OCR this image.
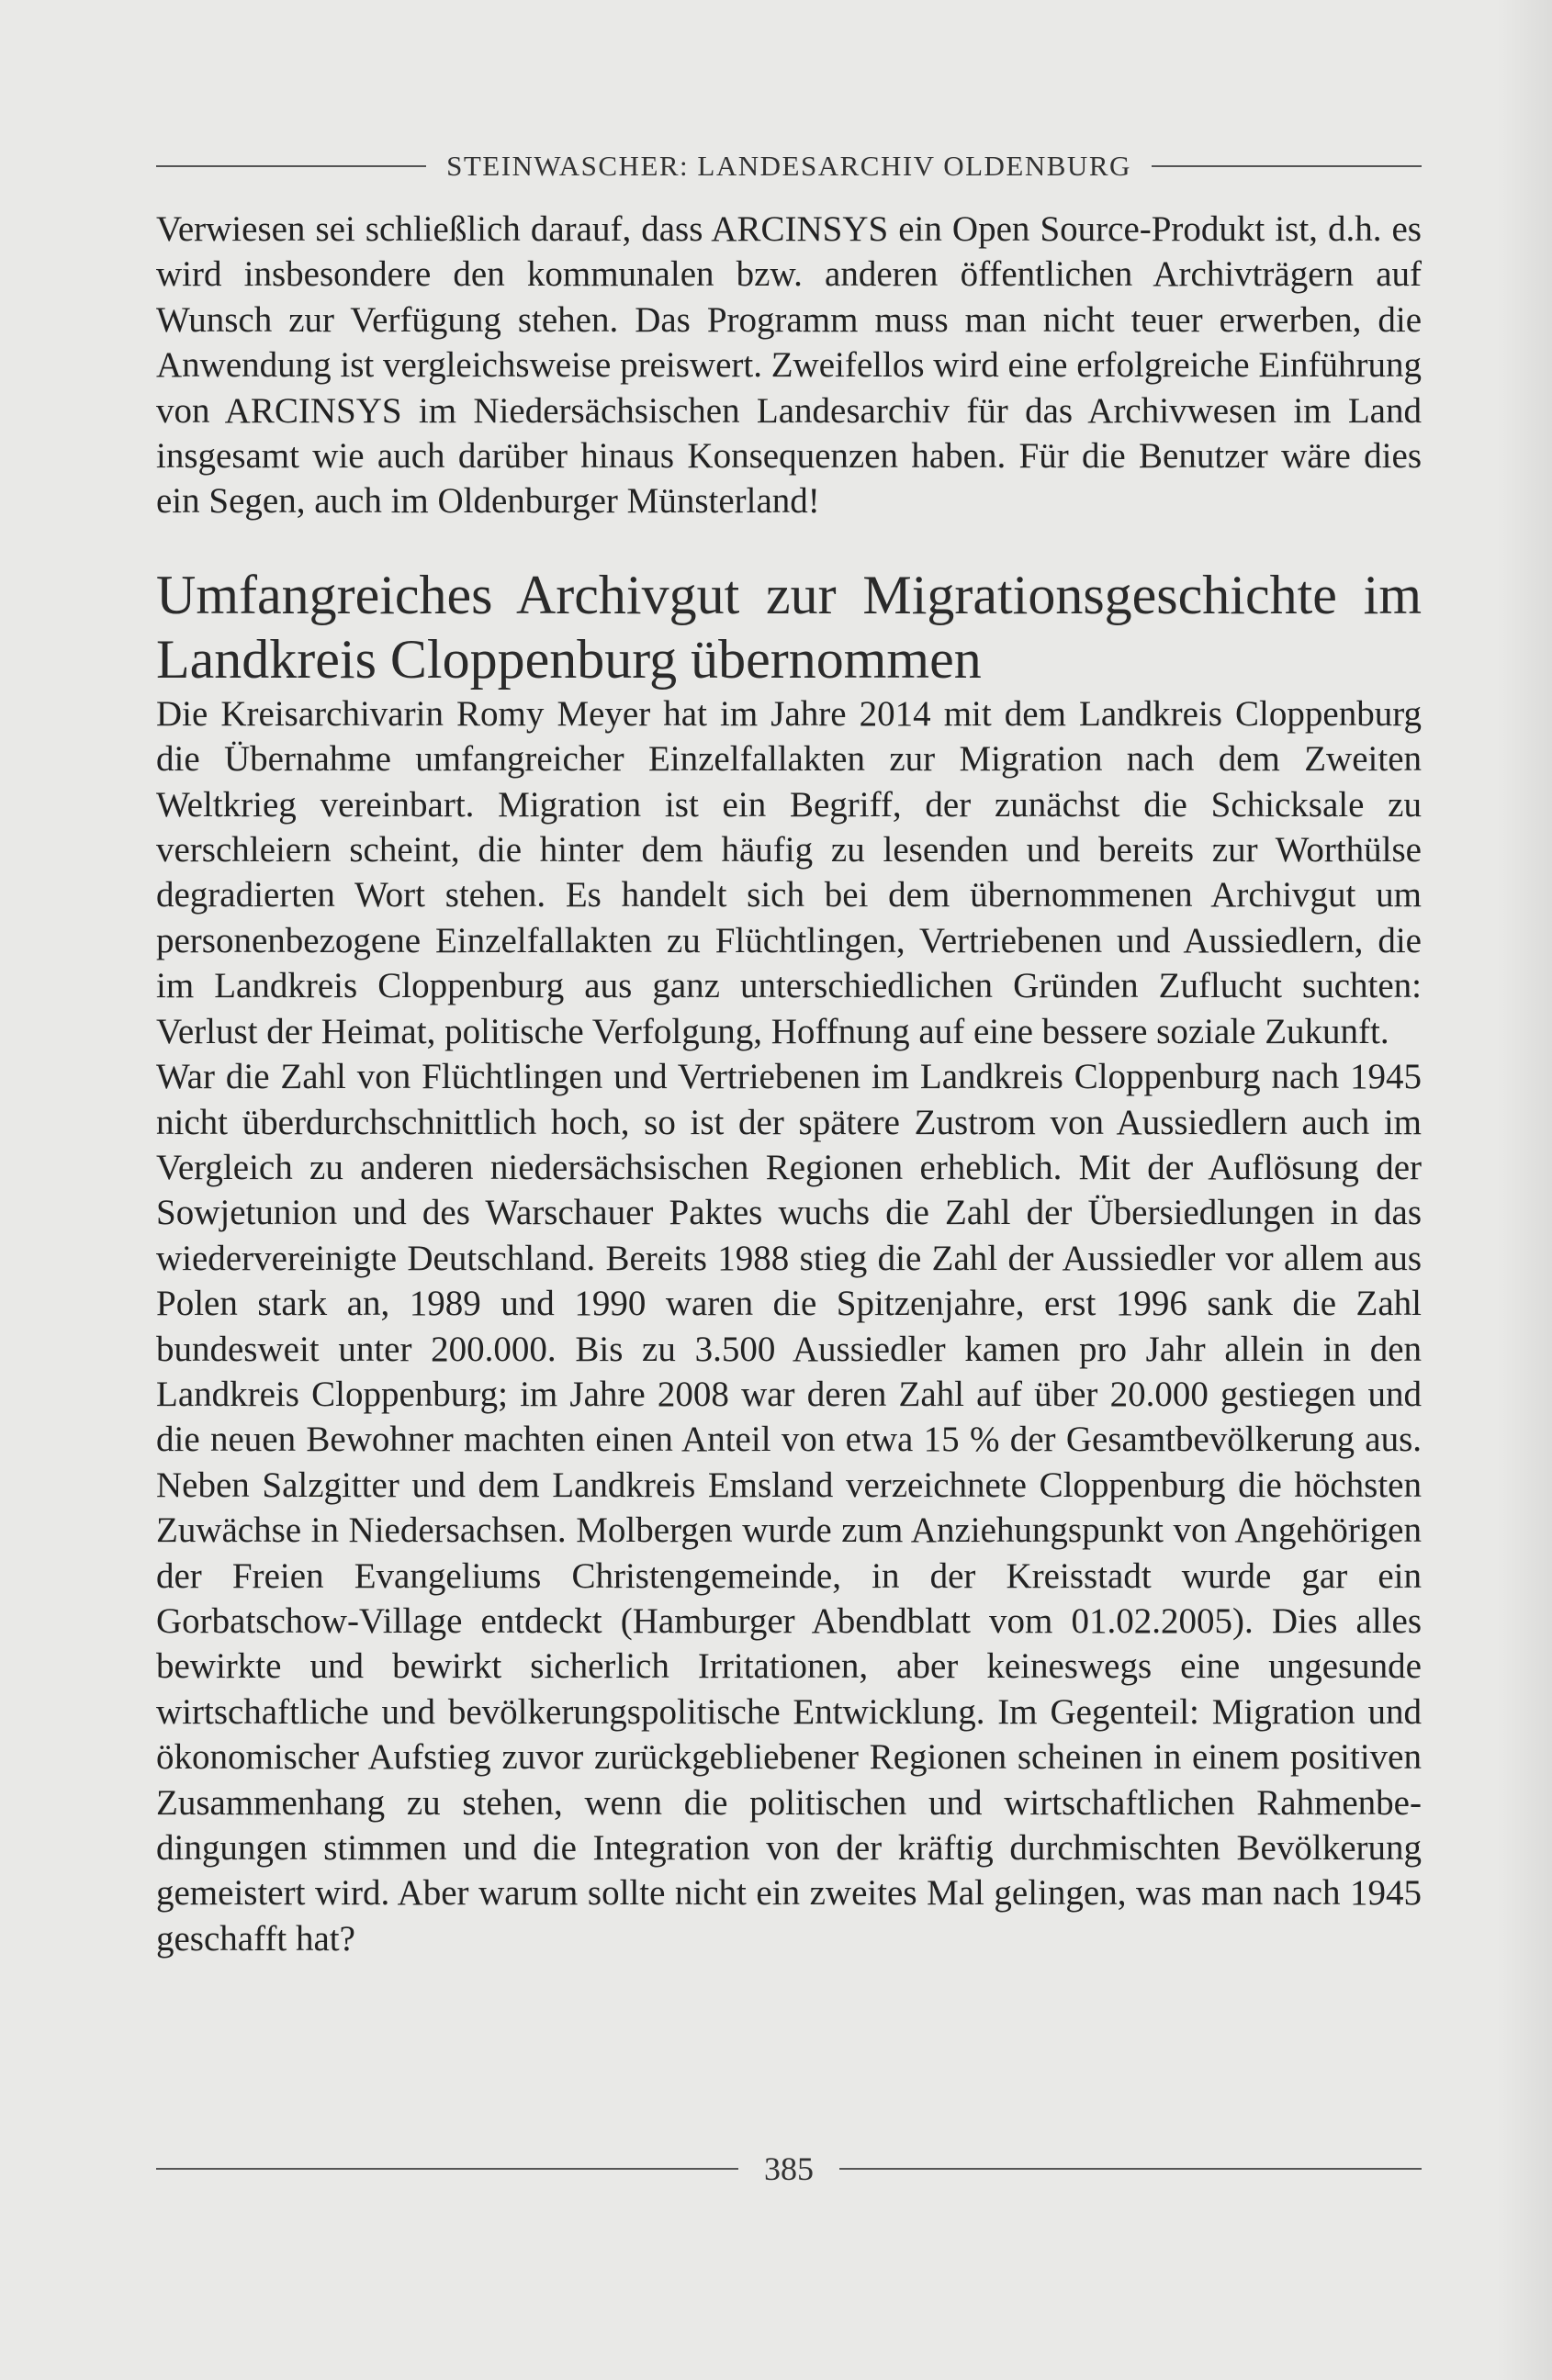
STEINWASCHER: LANDESARCHIV OLDENBURG

Verwiesen sei schließlich darauf, dass ARCINSYS ein Open Source-Produkt ist, d.h. es wird insbesondere den kommunalen bzw. anderen öffentlichen Archivträgern auf Wunsch zur Verfügung stehen. Das Programm muss man nicht teuer erwerben, die Anwendung ist vergleichsweise preiswert. Zweifellos wird eine erfolgreiche Einführung von ARCINSYS im Niedersächsischen Landesarchiv für das Archivwesen im Land insgesamt wie auch darüber hinaus Konsequenzen haben. Für die Benutzer wäre dies ein Segen, auch im Oldenburger Münsterland!

Umfangreiches Archivgut zur Migrationsgeschichte im Landkreis Cloppenburg übernommen

Die Kreisarchivarin Romy Meyer hat im Jahre 2014 mit dem Landkreis Cloppenburg die Übernahme umfangreicher Einzelfallakten zur Migration nach dem Zweiten Weltkrieg vereinbart. Migration ist ein Begriff, der zunächst die Schicksale zu verschleiern scheint, die hinter dem häufig zu lesenden und bereits zur Worthülse degradierten Wort stehen. Es handelt sich bei dem übernommenen Archivgut um personenbezogene Einzelfallakten zu Flüchtlingen, Vertriebenen und Aussiedlern, die im Landkreis Cloppenburg aus ganz unterschiedlichen Gründen Zuflucht suchten: Verlust der Heimat, politische Verfolgung, Hoffnung auf eine bessere soziale Zukunft.

War die Zahl von Flüchtlingen und Vertriebenen im Landkreis Cloppenburg nach 1945 nicht überdurchschnittlich hoch, so ist der spätere Zustrom von Aussiedlern auch im Vergleich zu anderen niedersächsischen Regionen erheblich. Mit der Auflösung der Sowjetunion und des Warschauer Paktes wuchs die Zahl der Übersiedlungen in das wiedervereinigte Deutschland. Bereits 1988 stieg die Zahl der Aussiedler vor allem aus Polen stark an, 1989 und 1990 waren die Spitzenjahre, erst 1996 sank die Zahl bundesweit unter 200.000. Bis zu 3.500 Aussiedler kamen pro Jahr allein in den Landkreis Cloppenburg; im Jahre 2008 war deren Zahl auf über 20.000 gestiegen und die neuen Bewohner machten einen Anteil von etwa 15 % der Gesamtbevölkerung aus. Neben Salzgitter und dem Landkreis Emsland verzeichnete Cloppenburg die höchsten Zuwächse in Niedersachsen. Molbergen wurde zum Anziehungspunkt von Angehörigen der Freien Evangeliums Christengemeinde, in der Kreisstadt wurde gar ein Gorbatschow-Village entdeckt (Hamburger Abendblatt vom 01.02.2005). Dies alles bewirkte und bewirkt sicherlich Irritationen, aber keineswegs eine ungesunde wirtschaftliche und bevölkerungspolitische Entwicklung. Im Gegenteil: Migration und ökonomischer Aufstieg zuvor zurückgebliebener Regionen scheinen in einem positiven Zusammenhang zu stehen, wenn die politischen und wirtschaftlichen Rahmenbedingungen stimmen und die Integration von der kräftig durchmischten Bevölkerung gemeistert wird. Aber warum sollte nicht ein zweites Mal gelingen, was man nach 1945 geschafft hat?

385
